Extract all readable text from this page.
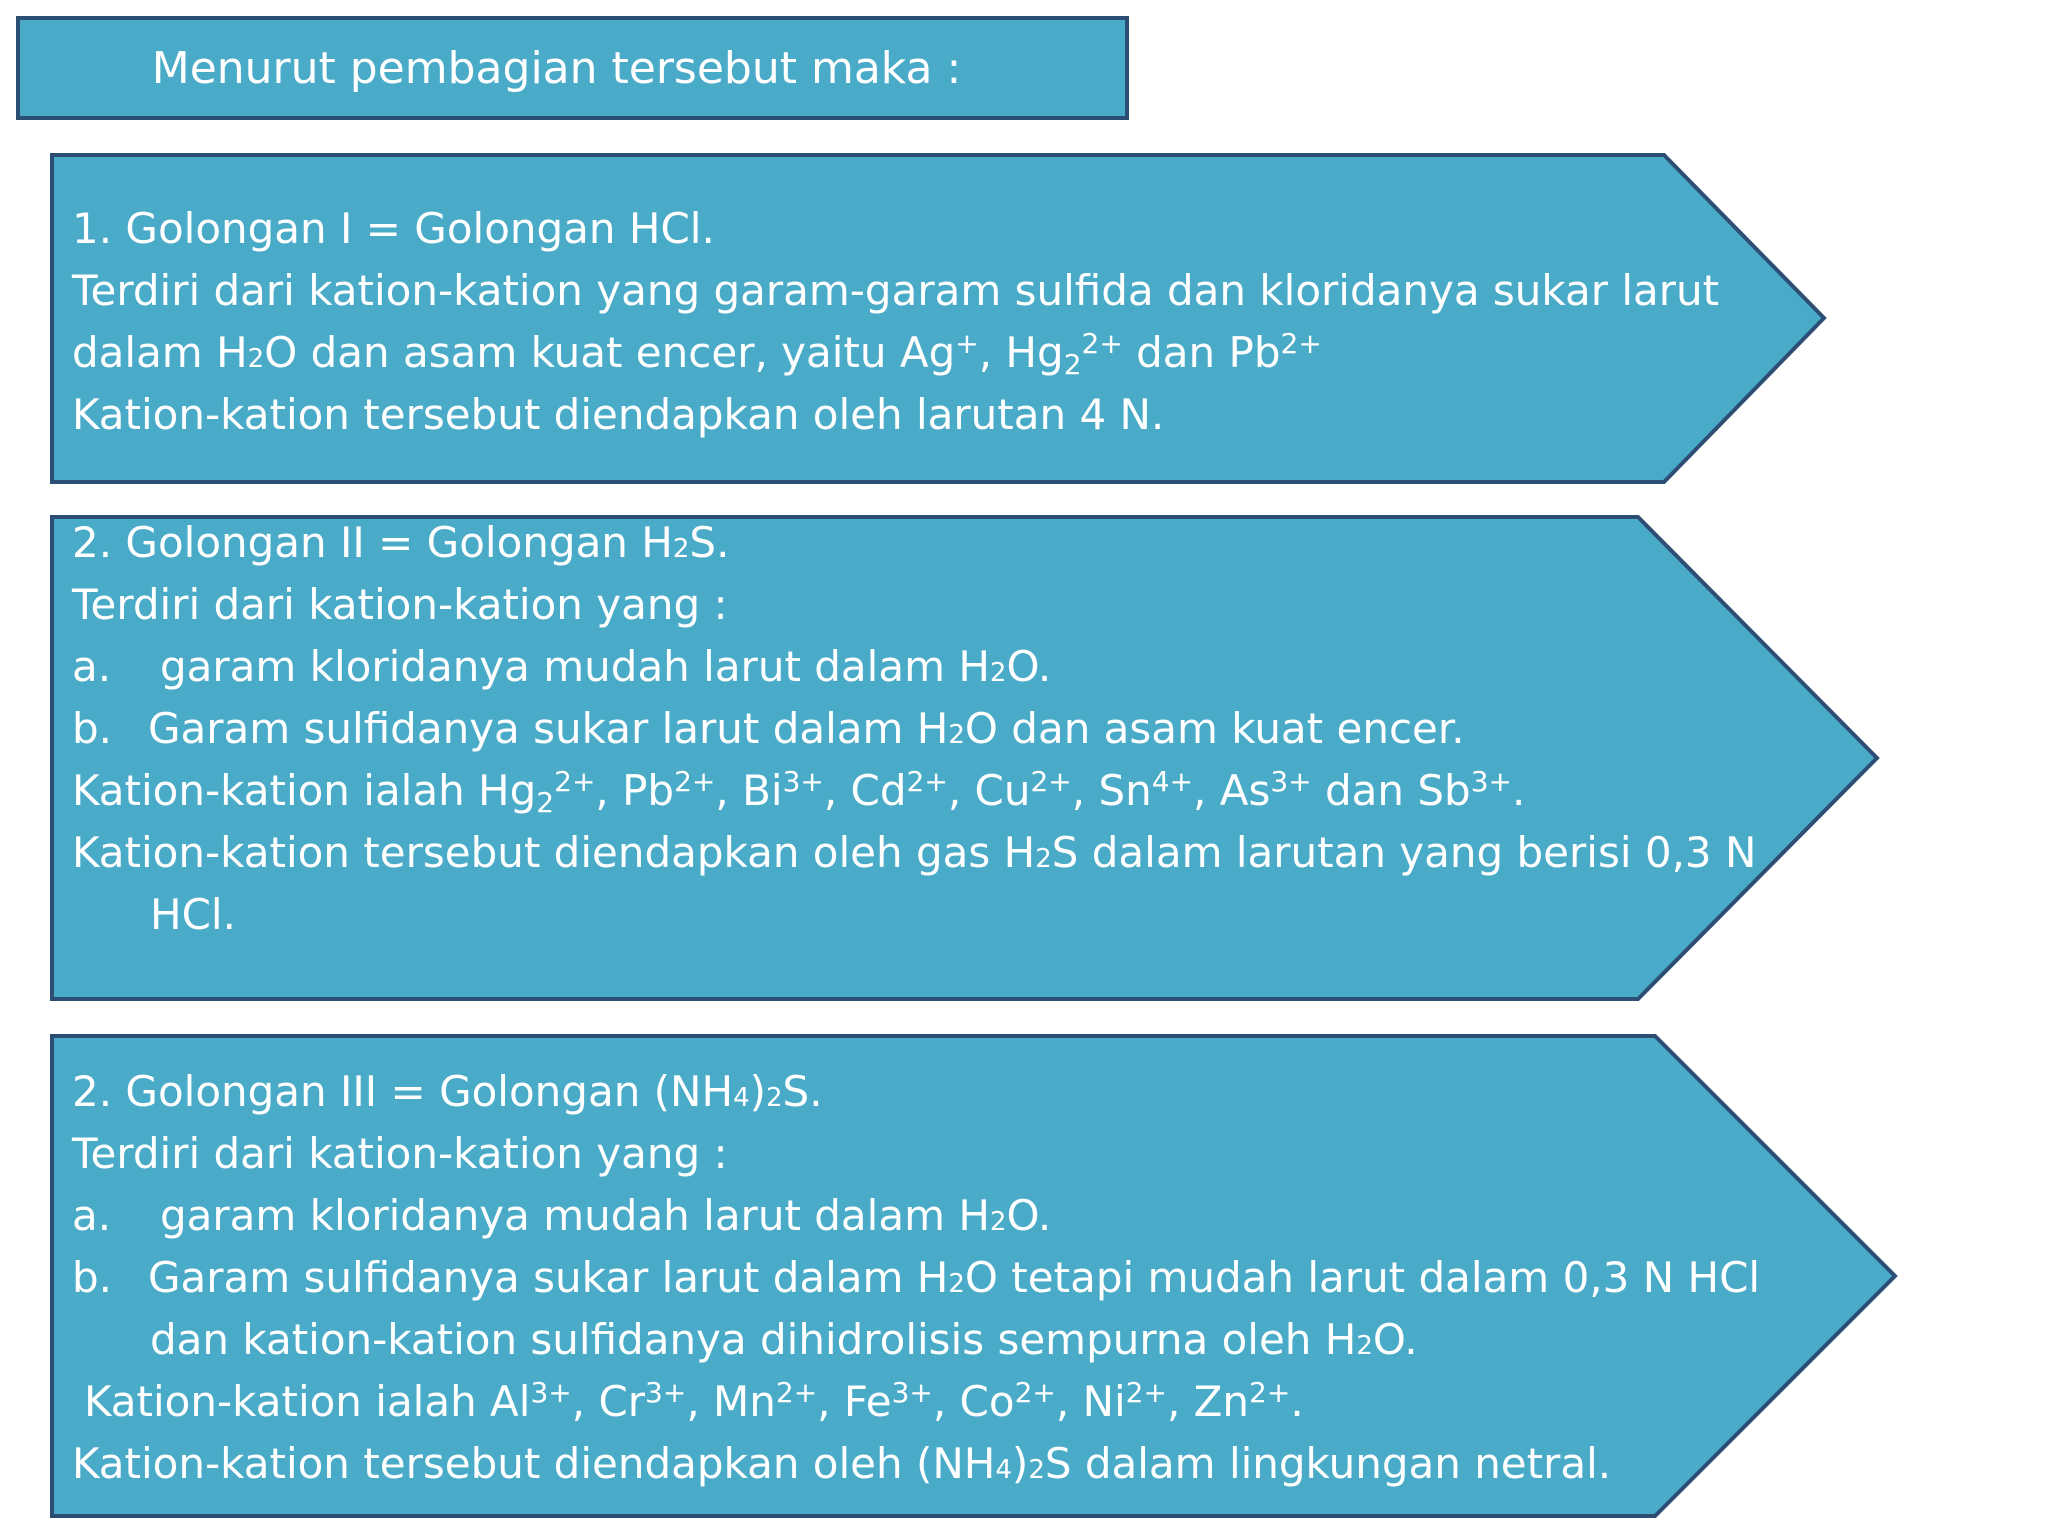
Menurut pembagian tersebut maka :
1. Golongan I = Golongan HCl.
Terdiri dari kation-kation yang garam-garam sulfida dan kloridanya sukar larut
dalam H2O dan asam kuat encer, yaitu Ag+, $Hg_2^{2+}$ dan $Pb^{2+}$
Kation-kation tersebut diendapkan oleh larutan 4 N.
2. Golongan II = Golongan H2S.
Terdiri dari kation-kation yang :
a. garam kloridanya mudah larut dalam H2O.
b. Garam sulfidanya sukar larut dalam H2O dan asam kuat encer.
Kation-kation ialah $Hg_2^{2+}$, $Pb^{2+}$, $Bi^{3+}$, $Cd^{2+}$, $Cu^{2+}$, $Sn^{4+}$, $As^{3+}$ dan $Sb^{3+}$.
Kation-kation tersebut diendapkan oleh gas H2S dalam larutan yang berisi 0,3 N
HCl.
2. Golongan III = Golongan (NH4)2S.
Terdiri dari kation-kation yang :
a. garam kloridanya mudah larut dalam H2O.
b. Garam sulfidanya sukar larut dalam H2O tetapi mudah larut dalam 0,3 N HCl
dan kation-kation sulfidanya dihidrolisis sempurna oleh H2O.
Kation-kation ialah $Al^{3+}$, $Cr^{3+}$, $Mn^{2+}$, $Fe^{3+}$, $Co^{2+}$, $Ni^{2+}$, $Zn^{2+}$.
Kation-kation tersebut diendapkan oleh (NH4)2S dalam lingkungan netral.
